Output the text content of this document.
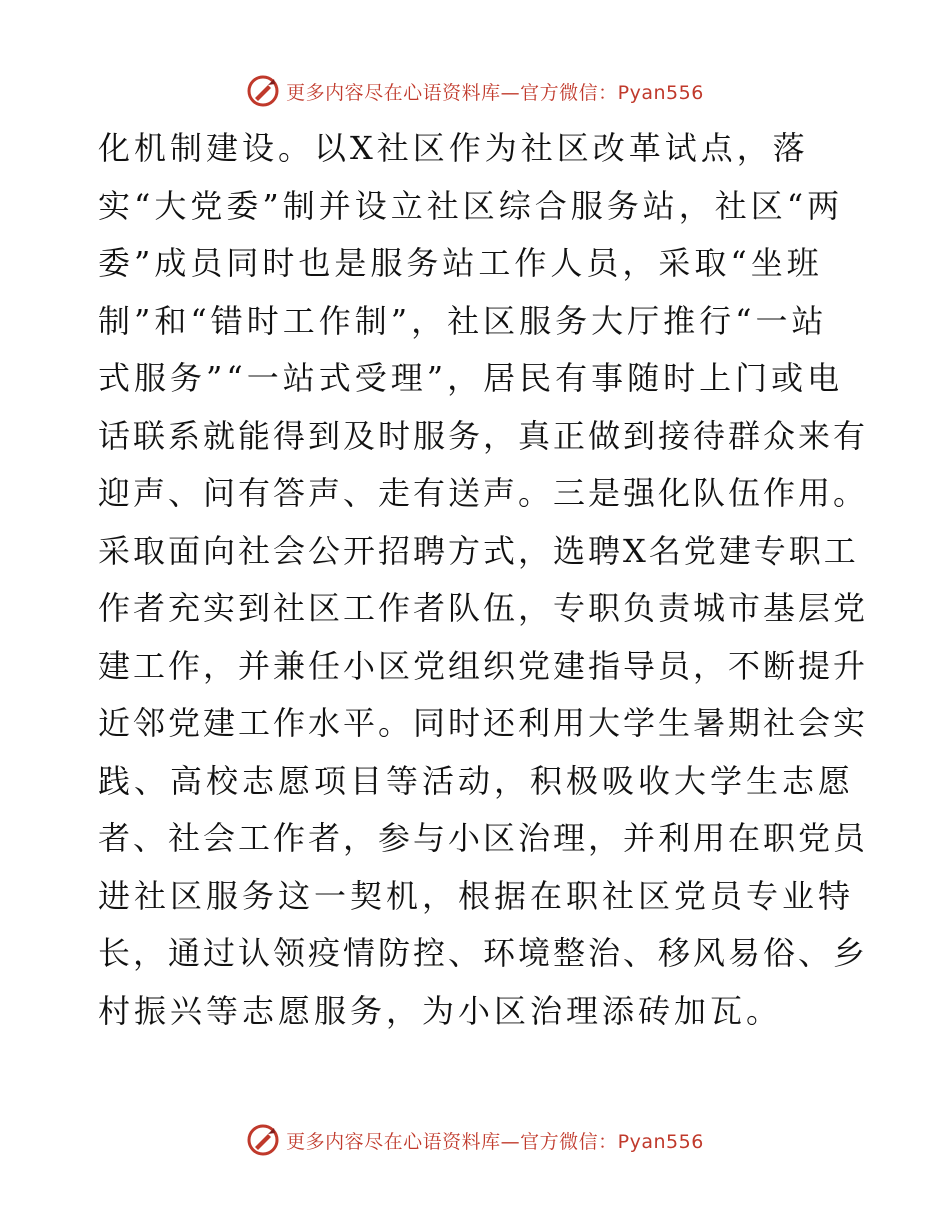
更多内容尽在心语资料库—官方微信：Pyan556
化机制建设。以X社区作为社区改革试点，落
实“大党委”制并设立社区综合服务站，社区“两
委”成员同时也是服务站工作人员，采取“坐班
制”和“错时工作制”，社区服务大厅推行“一站
式服务”“一站式受理”，居民有事随时上门或电
话联系就能得到及时服务，真正做到接待群众来有
迎声、问有答声、走有送声。三是强化队伍作用。
采取面向社会公开招聘方式，选聘X名党建专职工
作者充实到社区工作者队伍，专职负责城市基层党
建工作，并兼任小区党组织党建指导员，不断提升
近邻党建工作水平。同时还利用大学生暑期社会实
践、高校志愿项目等活动，积极吸收大学生志愿
者、社会工作者，参与小区治理，并利用在职党员
进社区服务这一契机，根据在职社区党员专业特
长，通过认领疫情防控、环境整治、移风易俗、乡
村振兴等志愿服务，为小区治理添砖加瓦。
更多内容尽在心语资料库—官方微信：Pyan556
